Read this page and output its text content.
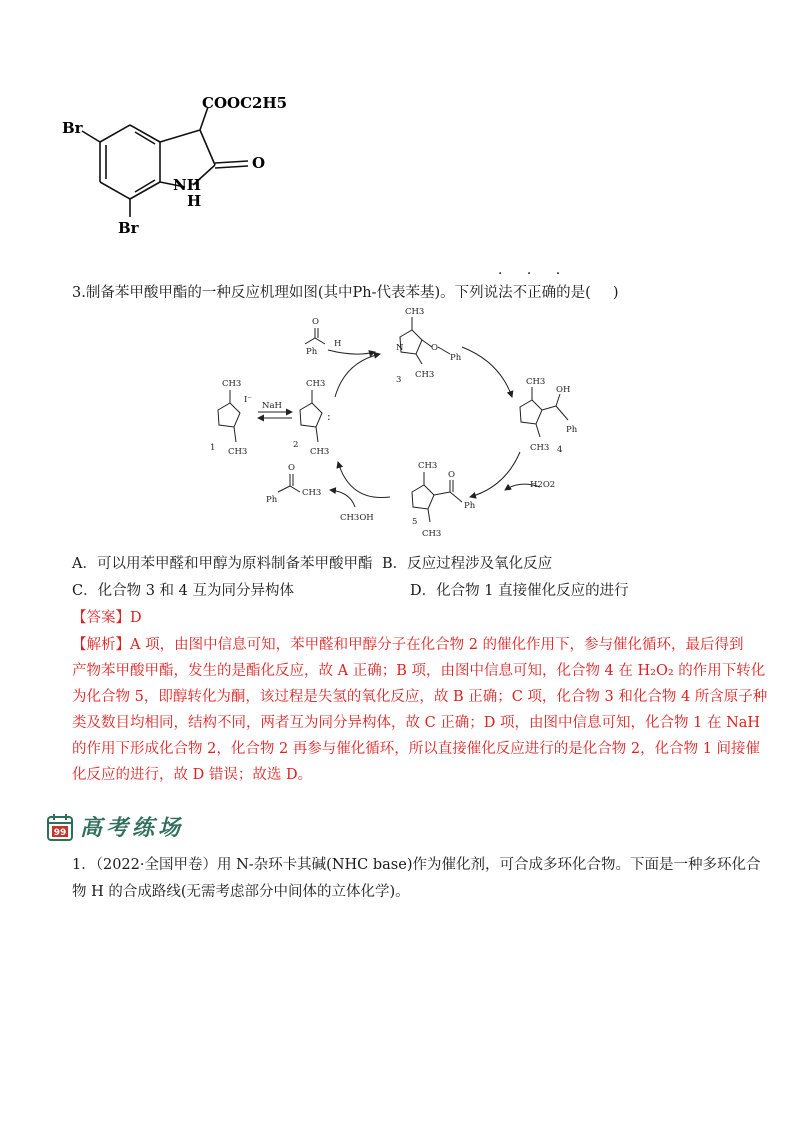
COOC2H5
Br
Br
O
NH
H
3.制备苯甲酸甲酯的一种反应机理如图(其中Ph-代表苯基)。下列说法不正确的是( )
· · ·
Ph
O
H
CH3
N	O
Ph
3 CH3
CH3
OH
Ph
4
CH3
H2O2
CH3
O
Ph
5
CH3
Ph
O
CH3
CH3OH
CH3
2
CH3
NaH
CH3
I⁻
1 CH3
:
A．可以用苯甲醛和甲醇为原料制备苯甲酸甲酯 B．反应过程涉及氧化反应
C．化合物 3 和 4 互为同分异构体	D．化合物 1 直接催化反应的进行
【答案】D
【解析】A 项，由图中信息可知，苯甲醛和甲醇分子在化合物 2 的催化作用下，参与催化循环，最后得到
产物苯甲酸甲酯，发生的是酯化反应，故 A 正确；B 项，由图中信息可知，化合物 4 在 H₂O₂ 的作用下转化
为化合物 5，即醇转化为酮，该过程是失氢的氧化反应，故 B 正确；C 项，化合物 3 和化合物 4 所含原子种
类及数目均相同，结构不同，两者互为同分异构体，故 C 正确；D 项，由图中信息可知，化合物 1 在 NaH
的作用下形成化合物 2，化合物 2 再参与催化循环，所以直接催化反应进行的是化合物 2，化合物 1 间接催
化反应的进行，故 D 错误；故选 D。
99 高考练场
1．（2022·全国甲卷）用 N-杂环卡其碱(NHC base)作为催化剂，可合成多环化合物。下面是一种多环化合
物 H 的合成路线(无需考虑部分中间体的立体化学)。
